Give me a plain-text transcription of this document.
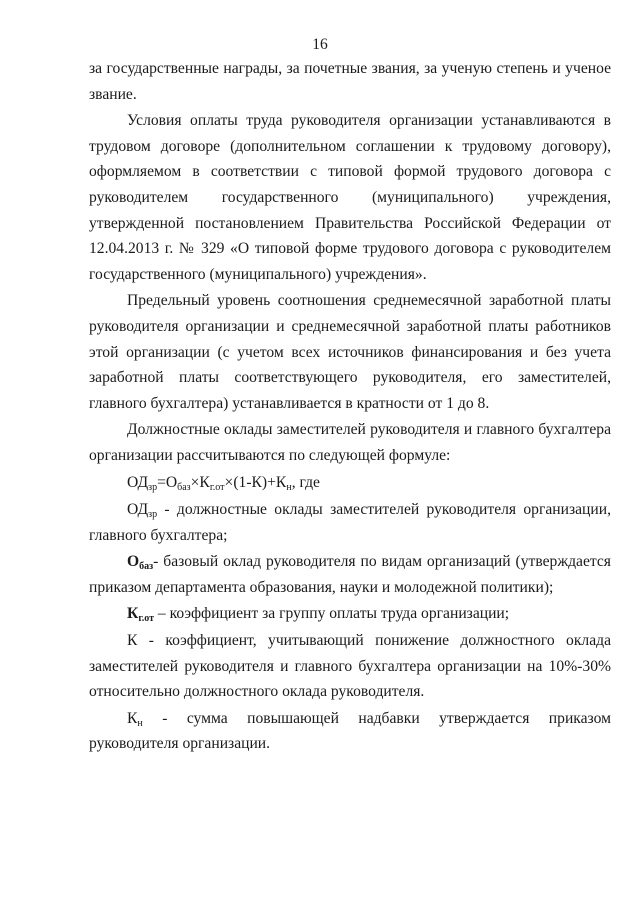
16

за государственные награды, за почетные звания, за ученую степень и ученое звание.

Условия оплаты труда руководителя организации устанавливаются в трудовом договоре (дополнительном соглашении к трудовому договору), оформляемом в соответствии с типовой формой трудового договора с руководителем государственного (муниципального) учреждения, утвержденной постановлением Правительства Российской Федерации от 12.04.2013 г. № 329 «О типовой форме трудового договора с руководителем государственного (муниципального) учреждения».

Предельный уровень соотношения среднемесячной заработной платы руководителя организации и среднемесячной заработной платы работников этой организации (с учетом всех источников финансирования и без учета заработной платы соответствующего руководителя, его заместителей, главного бухгалтера) устанавливается в кратности от 1 до 8.

Должностные оклады заместителей руководителя и главного бухгалтера организации рассчитываются по следующей формуле:

$ОД_{зр}=О_{баз}\times К_{г.от}\times(1-К)+К_н$, где

$ОД_{зр}$ - должностные оклады заместителей руководителя организации, главного бухгалтера;

$О_{баз}-$ базовый оклад руководителя по видам организаций (утверждается приказом департамента образования, науки и молодежной политики);

$К_{г.от}$ – коэффициент за группу оплаты труда организации;

К - коэффициент, учитывающий понижение должностного оклада заместителей руководителя и главного бухгалтера организации на 10%-30% относительно должностного оклада руководителя.

$К_н$ - сумма повышающей надбавки утверждается приказом руководителя организации.
